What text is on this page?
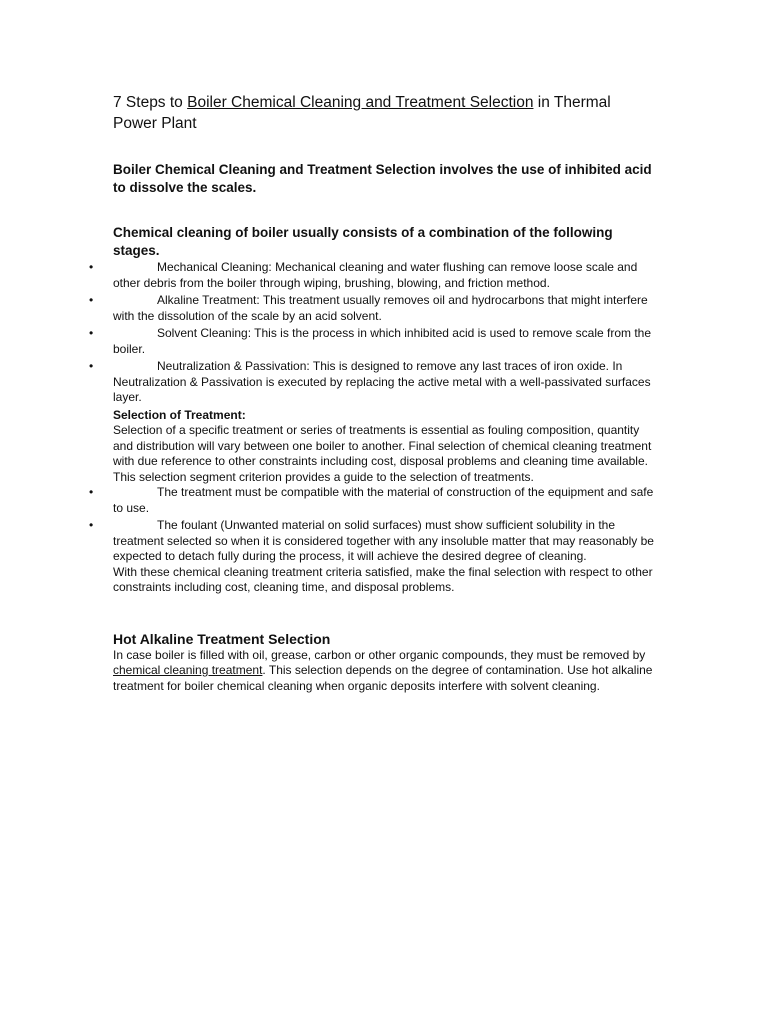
7 Steps to Boiler Chemical Cleaning and Treatment Selection in Thermal Power Plant

Boiler Chemical Cleaning and Treatment Selection involves the use of inhibited acid to dissolve the scales.

Chemical cleaning of boiler usually consists of a combination of the following stages.

•	Mechanical Cleaning: Mechanical cleaning and water flushing can remove loose scale and other debris from the boiler through wiping, brushing, blowing, and friction method.
•	Alkaline Treatment: This treatment usually removes oil and hydrocarbons that might interfere with the dissolution of the scale by an acid solvent.
•	Solvent Cleaning: This is the process in which inhibited acid is used to remove scale from the boiler.
•	Neutralization & Passivation: This is designed to remove any last traces of iron oxide. In Neutralization & Passivation is executed by replacing the active metal with a well-passivated surfaces layer.

Selection of Treatment:

Selection of a specific treatment or series of treatments is essential as fouling composition, quantity and distribution will vary between one boiler to another. Final selection of chemical cleaning treatment with due reference to other constraints including cost, disposal problems and cleaning time available. This selection segment criterion provides a guide to the selection of treatments.

•	The treatment must be compatible with the material of construction of the equipment and safe to use.
•	The foulant (Unwanted material on solid surfaces) must show sufficient solubility in the treatment selected so when it is considered together with any insoluble matter that may reasonably be expected to detach fully during the process, it will achieve the desired degree of cleaning.

With these chemical cleaning treatment criteria satisfied, make the final selection with respect to other constraints including cost, cleaning time, and disposal problems.

Hot Alkaline Treatment Selection

In case boiler is filled with oil, grease, carbon or other organic compounds, they must be removed by chemical cleaning treatment. This selection depends on the degree of contamination. Use hot alkaline treatment for boiler chemical cleaning when organic deposits interfere with solvent cleaning.
